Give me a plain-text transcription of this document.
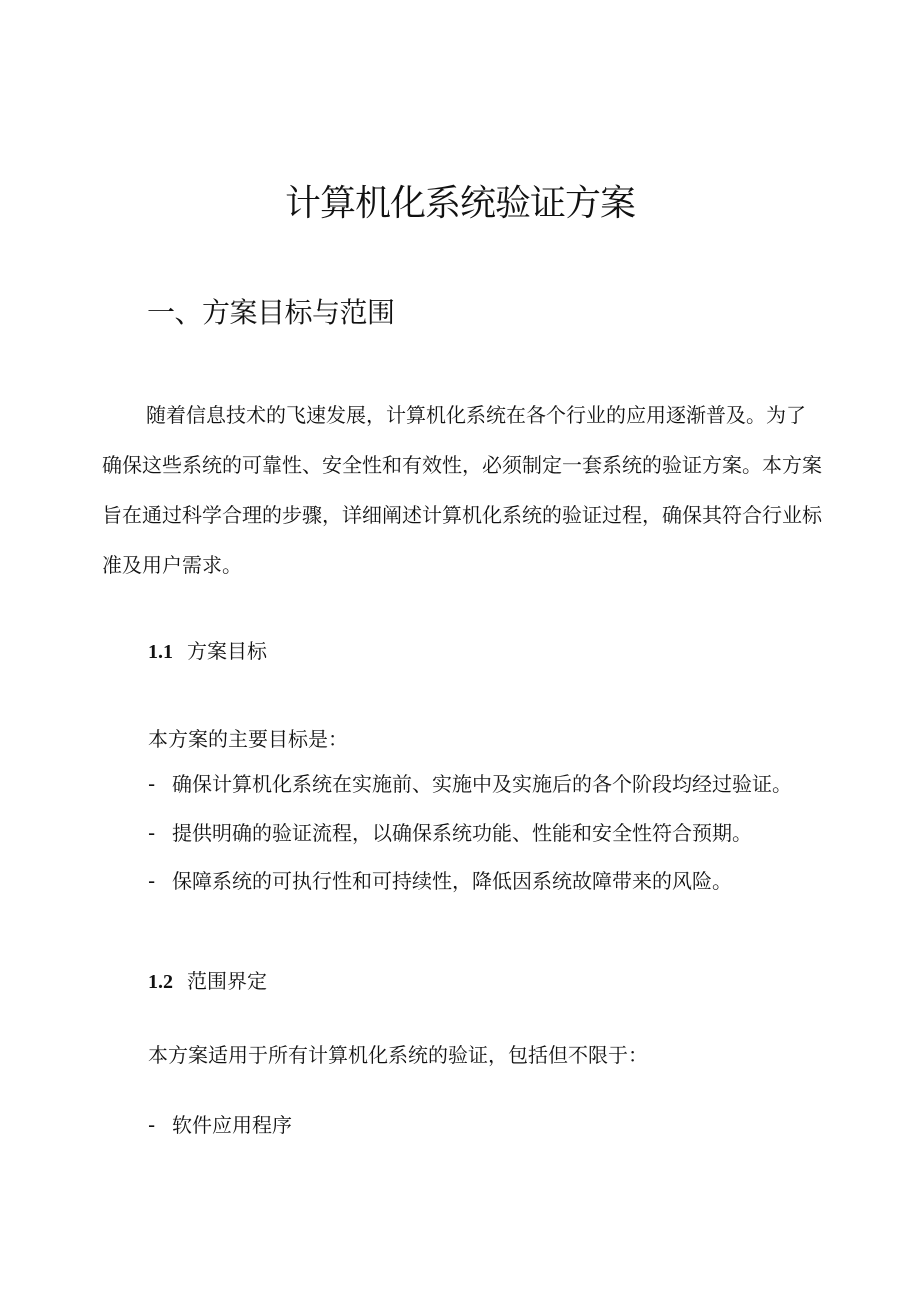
计算机化系统验证方案
一、方案目标与范围
随着信息技术的飞速发展，计算机化系统在各个行业的应用逐渐普及。为了
确保这些系统的可靠性、安全性和有效性，必须制定一套系统的验证方案。本方案
旨在通过科学合理的步骤，详细阐述计算机化系统的验证过程，确保其符合行业标
准及用户需求。
1.1 方案目标
本方案的主要目标是：
- 确保计算机化系统在实施前、实施中及实施后的各个阶段均经过验证。
- 提供明确的验证流程，以确保系统功能、性能和安全性符合预期。
- 保障系统的可执行性和可持续性，降低因系统故障带来的风险。
1.2 范围界定
本方案适用于所有计算机化系统的验证，包括但不限于：
- 软件应用程序
